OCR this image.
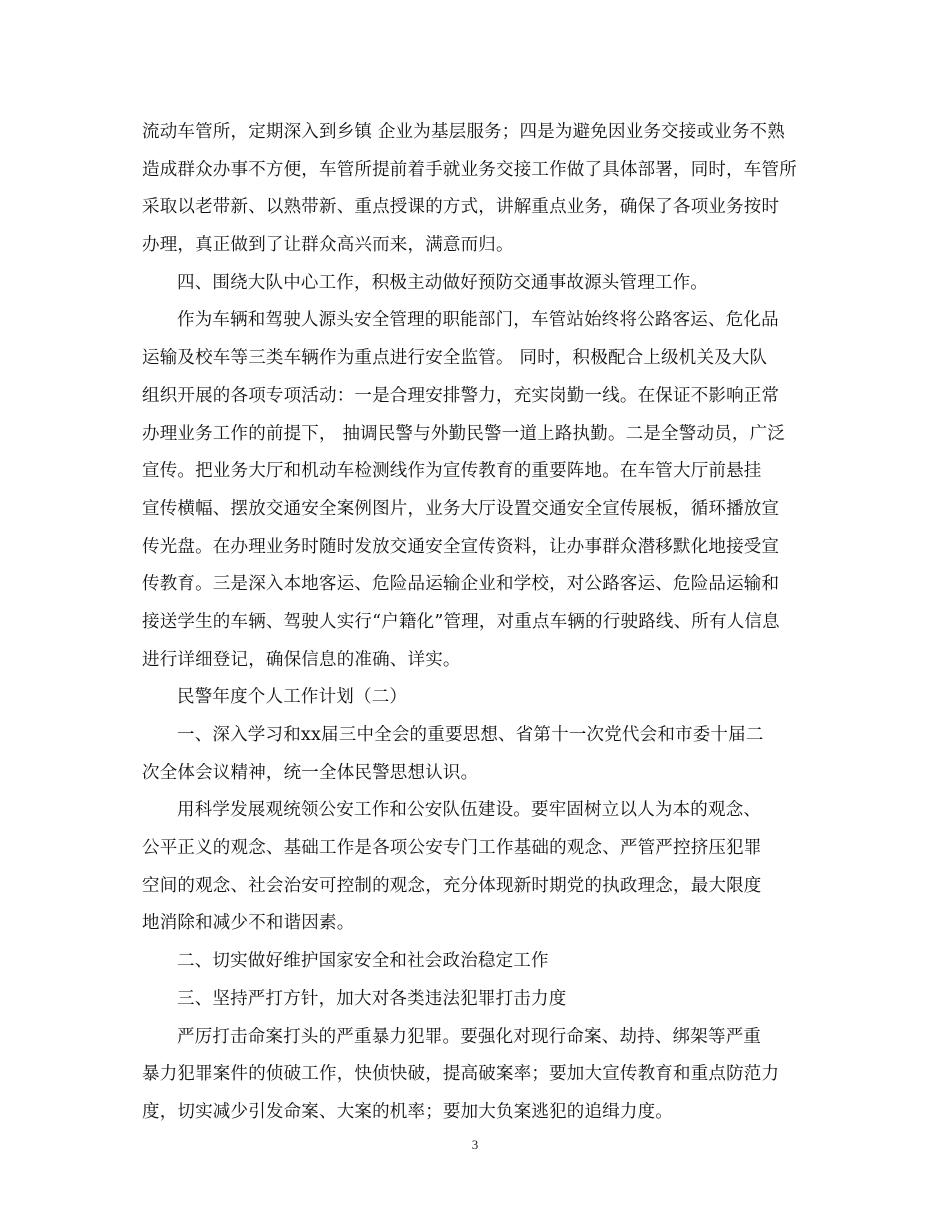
流动车管所，定期深入到乡镇 企业为基层服务；四是为避免因业务交接或业务不熟
造成群众办事不方便，车管所提前着手就业务交接工作做了具体部署，同时，车管所
采取以老带新、以熟带新、重点授课的方式，讲解重点业务，确保了各项业务按时
办理，真正做到了让群众高兴而来，满意而归。
四、围绕大队中心工作，积极主动做好预防交通事故源头管理工作。
作为车辆和驾驶人源头安全管理的职能部门，车管站始终将公路客运、危化品
运输及校车等三类车辆作为重点进行安全监管。 同时，积极配合上级机关及大队
组织开展的各项专项活动：一是合理安排警力，充实岗勤一线。在保证不影响正常
办理业务工作的前提下， 抽调民警与外勤民警一道上路执勤。二是全警动员，广泛
宣传。把业务大厅和机动车检测线作为宣传教育的重要阵地。在车管大厅前悬挂
宣传横幅、摆放交通安全案例图片，业务大厅设置交通安全宣传展板，循环播放宣
传光盘。在办理业务时随时发放交通安全宣传资料，让办事群众潜移默化地接受宣
传教育。三是深入本地客运、危险品运输企业和学校，对公路客运、危险品运输和
接送学生的车辆、驾驶人实行“户籍化”管理，对重点车辆的行驶路线、所有人信息
进行详细登记，确保信息的准确、详实。
民警年度个人工作计划（二）
一、深入学习和xx届三中全会的重要思想、省第十一次党代会和市委十届二
次全体会议精神，统一全体民警思想认识。
用科学发展观统领公安工作和公安队伍建设。要牢固树立以人为本的观念、
公平正义的观念、基础工作是各项公安专门工作基础的观念、严管严控挤压犯罪
空间的观念、社会治安可控制的观念，充分体现新时期党的执政理念，最大限度
地消除和减少不和谐因素。
二、切实做好维护国家安全和社会政治稳定工作
三、坚持严打方针，加大对各类违法犯罪打击力度
严厉打击命案打头的严重暴力犯罪。要强化对现行命案、劫持、绑架等严重
暴力犯罪案件的侦破工作，快侦快破，提高破案率；要加大宣传教育和重点防范力
度，切实减少引发命案、大案的机率；要加大负案逃犯的追缉力度。
3
